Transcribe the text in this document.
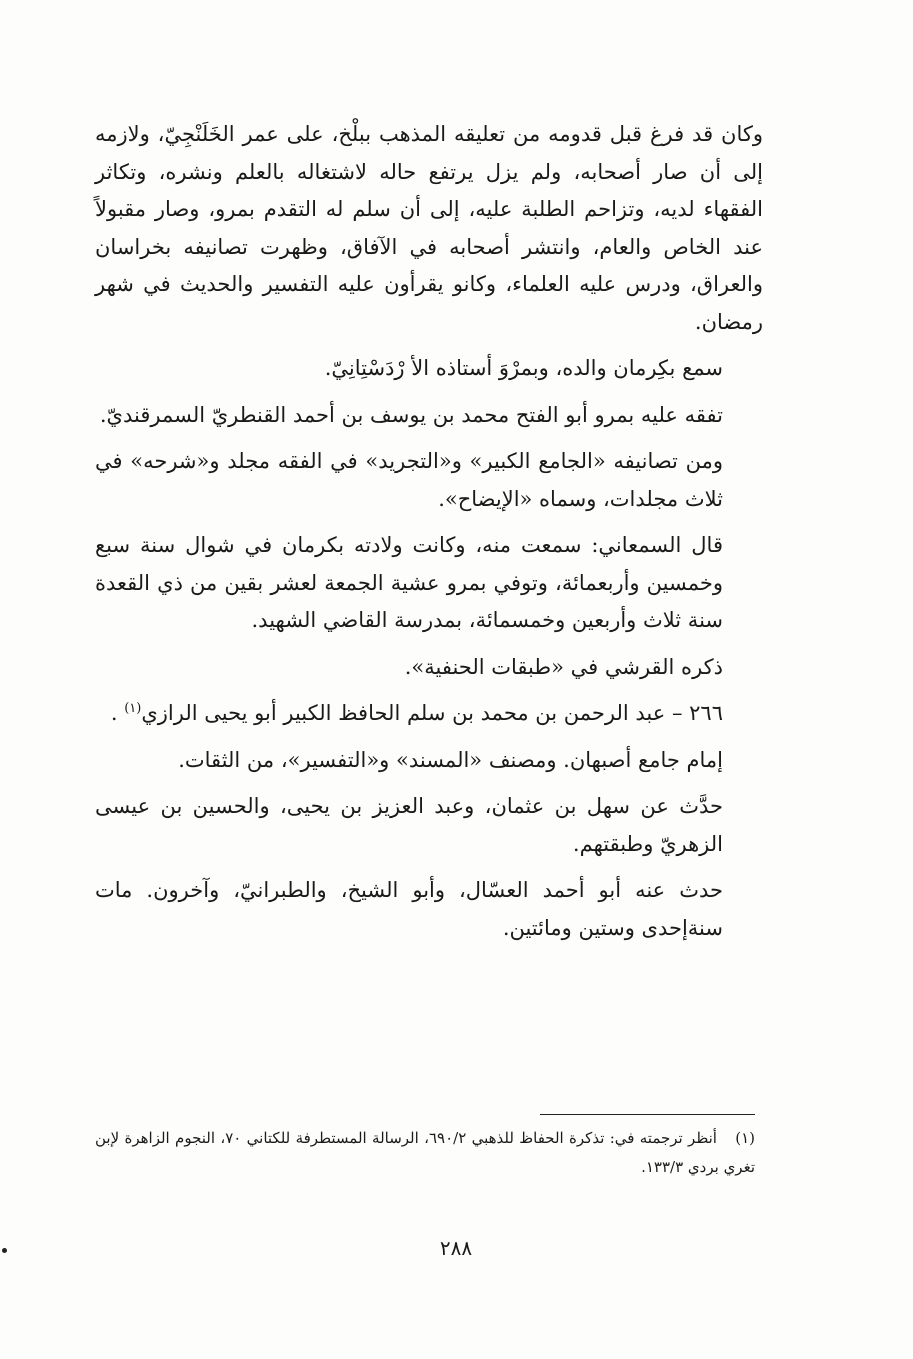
وكان قد فرغ قبل قدومه من تعليقه المذهب ببلْخ، على عمر الخَلَنْجِيّ، ولازمه إلى أن صار أصحابه، ولم يزل يرتفع حاله لاشتغاله بالعلم ونشره، وتكاثر الفقهاء لديه، وتزاحم الطلبة عليه، إلى أن سلم له التقدم بمرو، وصار مقبولاً عند الخاص والعام، وانتشر أصحابه في الآفاق، وظهرت تصانيفه بخراسان والعراق، ودرس عليه العلماء، وكانو يقرأون عليه التفسير والحديث في شهر رمضان.

سمع بكِرمان والده، وبمرْوَ أستاذه الأ رْدَسْتِانِيّ.

تفقه عليه بمرو أبو الفتح محمد بن يوسف بن أحمد القنطريّ السمرقنديّ.

ومن تصانيفه «الجامع الكبير» و«التجريد» في الفقه مجلد و«شرحه» في ثلاث مجلدات، وسماه «الإيضاح».

قال السمعاني: سمعت منه، وكانت ولادته بكرمان في شوال سنة سبع وخمسين وأربعمائة، وتوفي بمرو عشية الجمعة لعشر بقين من ذي القعدة سنة ثلاث وأربعين وخمسمائة، بمدرسة القاضي الشهيد.

ذكره القرشي في «طبقات الحنفية».

٢٦٦ – عبد الرحمن بن محمد بن سلم الحافظ الكبير أبو يحيى الرازي$^{(١)}$ .

إمام جامع أصبهان. ومصنف «المسند» و«التفسير»، من الثقات.

حدَّث عن سهل بن عثمان، وعبد العزيز بن يحيى، والحسين بن عيسى الزهريّ وطبقتهم.

حدث عنه أبو أحمد العسّال، وأبو الشيخ، والطبرانيّ، وآخرون. مات سنةإحدى وستين ومائتين.

(١)أنظر ترجمته في: تذكرة الحفاظ للذهبي ٦٩٠/٢، الرسالة المستطرفة للكتاني ٧٠، النجوم الزاهرة لإبن تغري بردي ١٣٣/٣.
٢٨٨
